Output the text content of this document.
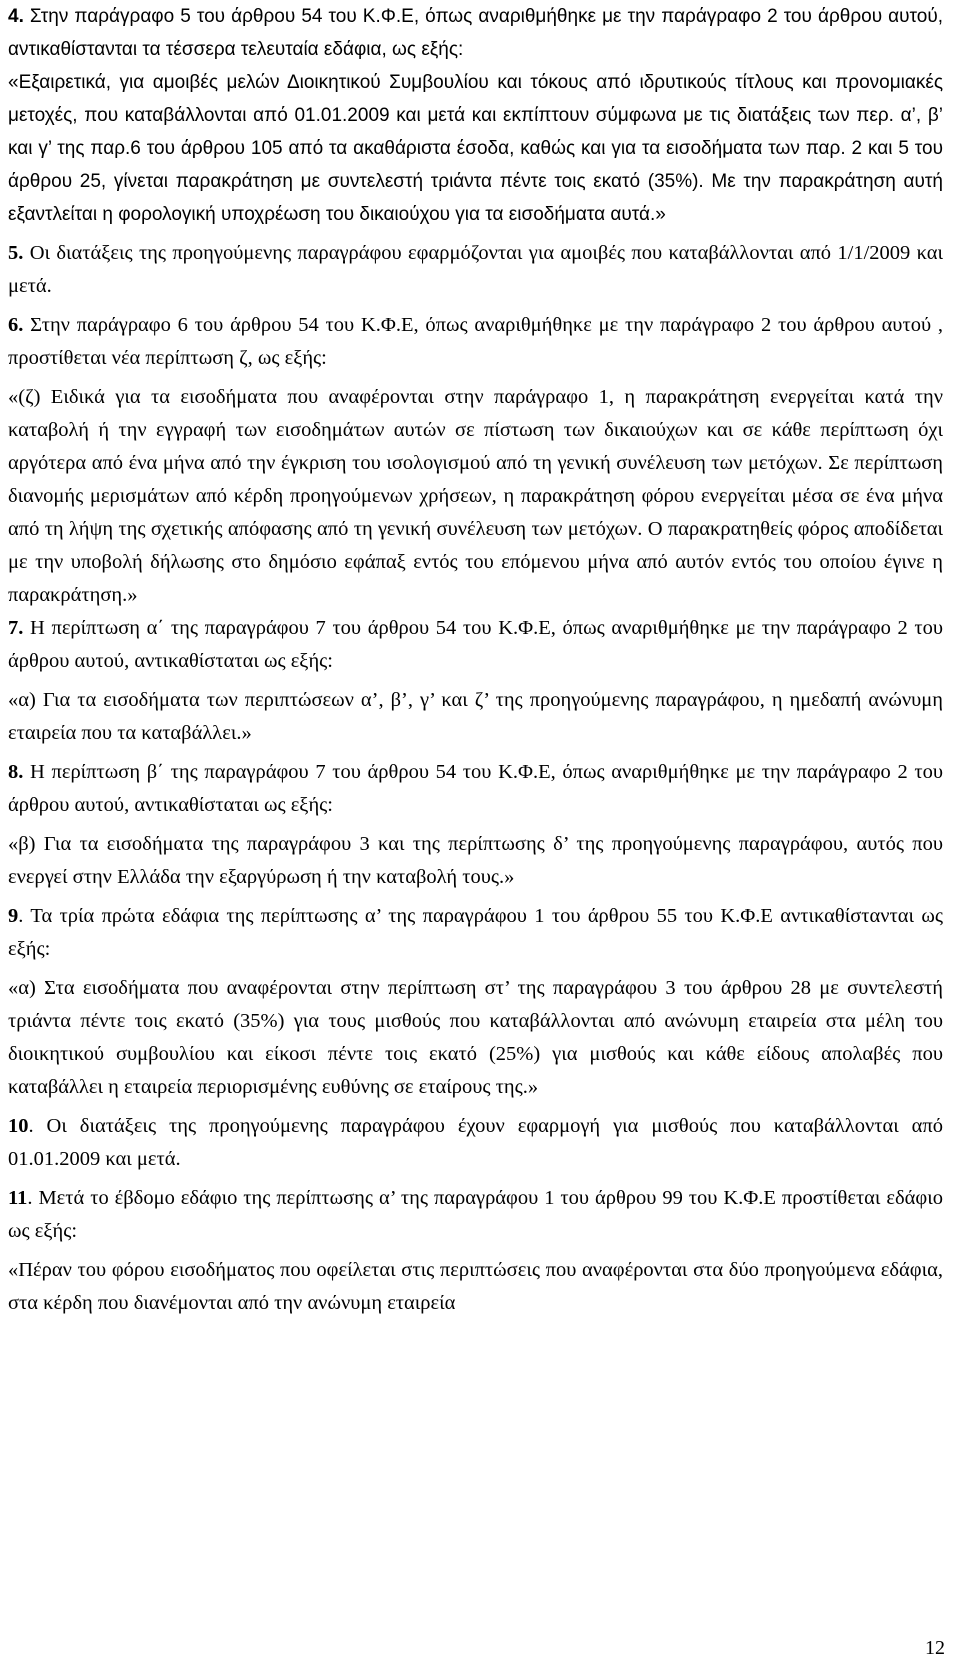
4. Στην παράγραφο 5 του άρθρου 54 του Κ.Φ.Ε, όπως αναριθμήθηκε με την παράγραφο 2 του άρθρου αυτού, αντικαθίστανται τα τέσσερα τελευταία εδάφια, ως εξής:

«Εξαιρετικά, για αμοιβές μελών Διοικητικού Συμβουλίου και τόκους από ιδρυτικούς τίτλους και προνομιακές μετοχές, που καταβάλλονται από 01.01.2009 και μετά και εκπίπτουν σύμφωνα με τις διατάξεις των περ. α’, β’ και γ’ της παρ.6 του άρθρου 105 από τα ακαθάριστα έσοδα, καθώς και για τα εισοδήματα των παρ. 2 και 5 του άρθρου 25, γίνεται παρακράτηση με συντελεστή τριάντα πέντε τοις εκατό (35%). Με την παρακράτηση αυτή εξαντλείται η φορολογική υποχρέωση του δικαιούχου για τα εισοδήματα αυτά.»

5. Οι διατάξεις της προηγούμενης παραγράφου εφαρμόζονται για αμοιβές που καταβάλλονται από 1/1/2009 και μετά.

6. Στην παράγραφο 6 του άρθρου 54 του Κ.Φ.Ε, όπως αναριθμήθηκε με την παράγραφο 2 του άρθρου αυτού , προστίθεται νέα περίπτωση ζ, ως εξής:

«(ζ) Ειδικά για τα εισοδήματα που αναφέρονται στην παράγραφο 1, η παρακράτηση ενεργείται κατά την καταβολή ή την εγγραφή των εισοδημάτων αυτών σε πίστωση των δικαιούχων και σε κάθε περίπτωση όχι αργότερα από ένα μήνα από την έγκριση του ισολογισμού από τη γενική συνέλευση των μετόχων. Σε περίπτωση διανομής μερισμάτων από κέρδη προηγούμενων χρήσεων, η παρακράτηση φόρου ενεργείται μέσα σε ένα μήνα από τη λήψη της σχετικής απόφασης από τη γενική συνέλευση των μετόχων. Ο παρακρατηθείς φόρος αποδίδεται με την υποβολή δήλωσης στο δημόσιο εφάπαξ εντός του επόμενου μήνα από αυτόν εντός του οποίου έγινε η παρακράτηση.»

7. Η περίπτωση α΄ της παραγράφου 7 του άρθρου 54 του Κ.Φ.Ε, όπως αναριθμήθηκε με την παράγραφο 2 του άρθρου αυτού, αντικαθίσταται ως εξής:

«α) Για τα εισοδήματα των περιπτώσεων α’, β’, γ’ και ζ’ της προηγούμενης παραγράφου, η ημεδαπή ανώνυμη εταιρεία που τα καταβάλλει.»

8. Η περίπτωση β΄ της παραγράφου 7 του άρθρου 54 του Κ.Φ.Ε, όπως αναριθμήθηκε με την παράγραφο 2 του άρθρου αυτού, αντικαθίσταται ως εξής:

«β) Για τα εισοδήματα της παραγράφου 3 και της περίπτωσης δ’ της προηγούμενης παραγράφου, αυτός που ενεργεί στην Ελλάδα την εξαργύρωση ή την καταβολή τους.»

9. Τα τρία πρώτα εδάφια της περίπτωσης α’ της παραγράφου 1 του άρθρου 55 του Κ.Φ.Ε αντικαθίστανται ως εξής:

«α) Στα εισοδήματα που αναφέρονται στην περίπτωση στ’ της παραγράφου 3 του άρθρου 28 με συντελεστή τριάντα πέντε τοις εκατό (35%) για τους μισθούς που καταβάλλονται από ανώνυμη εταιρεία στα μέλη του διοικητικού συμβουλίου και είκοσι πέντε τοις εκατό (25%) για μισθούς και κάθε είδους απολαβές που καταβάλλει η εταιρεία περιορισμένης ευθύνης σε εταίρους της.»

10. Οι διατάξεις της προηγούμενης παραγράφου έχουν εφαρμογή για μισθούς που καταβάλλονται από 01.01.2009 και μετά.

11. Μετά το έβδομο εδάφιο της περίπτωσης α’ της παραγράφου 1 του άρθρου 99 του Κ.Φ.Ε προστίθεται εδάφιο ως εξής:

«Πέραν του φόρου εισοδήματος που οφείλεται στις περιπτώσεις που αναφέρονται στα δύο προηγούμενα εδάφια, στα κέρδη που διανέμονται από την ανώνυμη εταιρεία

12
